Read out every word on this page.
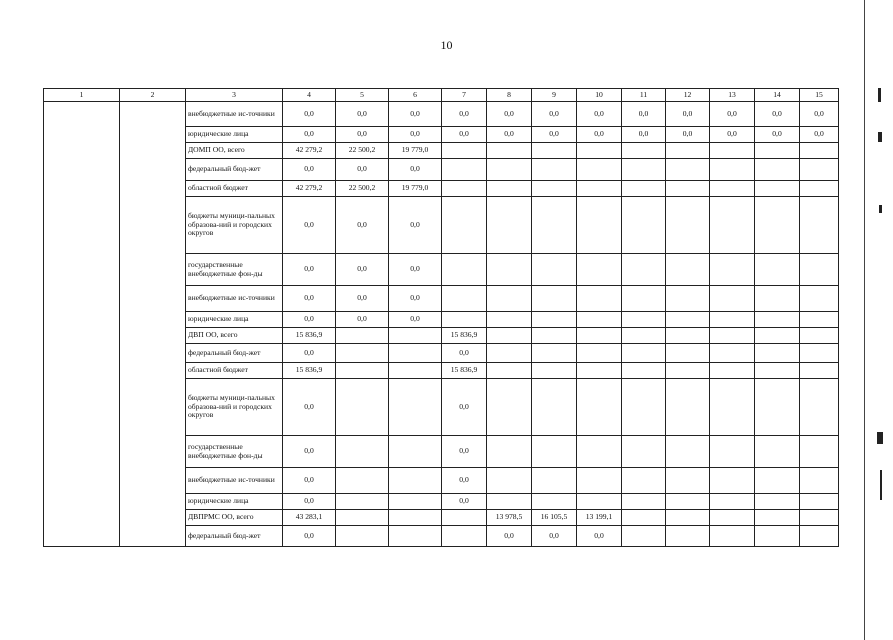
10
1	2	3	4	5	6	7	8	9	10	11	12	13	14	15
		внебюджетные ис-точники	0,0	0,0	0,0	0,0	0,0	0,0	0,0	0,0	0,0	0,0	0,0	0,0
		юридические лица	0,0	0,0	0,0	0,0	0,0	0,0	0,0	0,0	0,0	0,0	0,0	0,0
		ДОМП ОО, всего	42 279,2	22 500,2	19 779,0									
		федеральный бюд-жет	0,0	0,0	0,0									
		областной бюджет	42 279,2	22 500,2	19 779,0									
		бюджеты муници-пальных образова-ний и городских округов	0,0	0,0	0,0									
		государственные внебюджетные фон-ды	0,0	0,0	0,0									
		внебюджетные ис-точники	0,0	0,0	0,0									
		юридические лица	0,0	0,0	0,0									
		ДВП ОО, всего	15 836,9			15 836,9								
		федеральный бюд-жет	0,0			0,0								
		областной бюджет	15 836,9			15 836,9								
		бюджеты муници-пальных образова-ний и городских округов	0,0			0,0								
		государственные внебюджетные фон-ды	0,0			0,0								
		внебюджетные ис-точники	0,0			0,0								
		юридические лица	0,0			0,0								
		ДВПРМС ОО, всего	43 283,1				13 978,5	16 105,5	13 199,1					
		федеральный бюд-жет	0,0				0,0	0,0	0,0					
